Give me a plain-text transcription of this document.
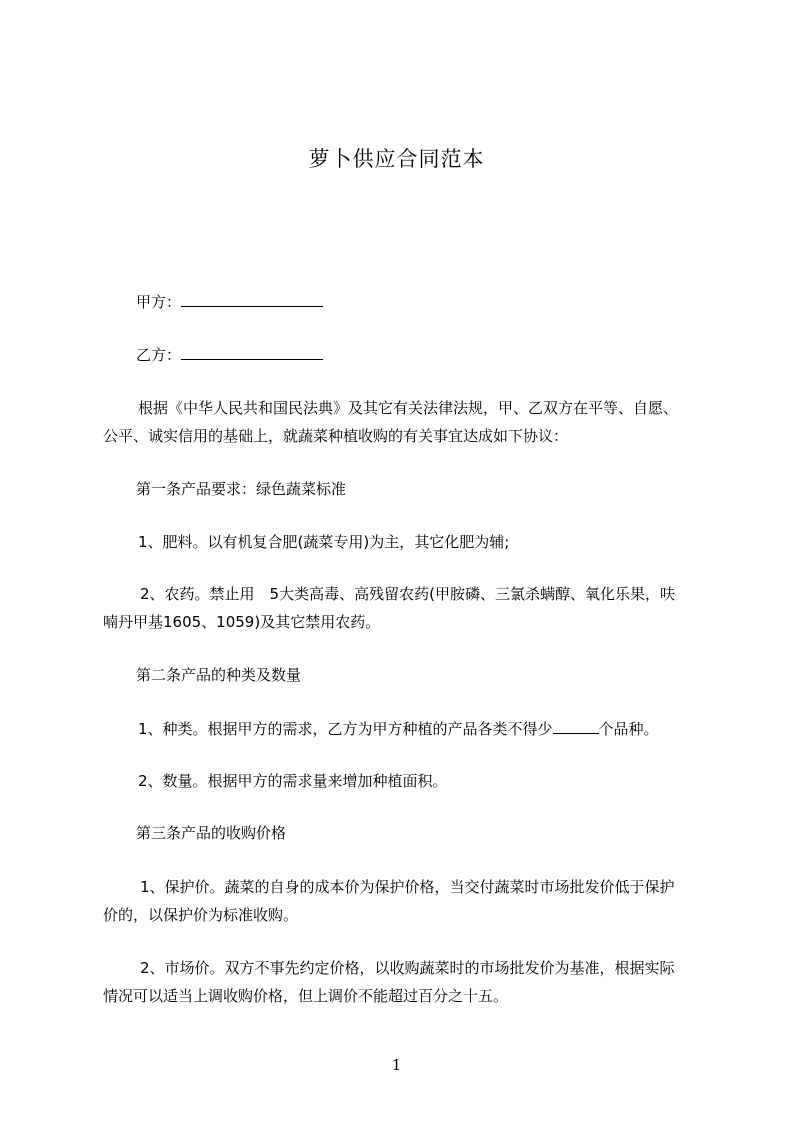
萝卜供应合同范本
甲方：
乙方：
根据《中华人民共和国民法典》及其它有关法律法规，甲、乙双方在平等、自愿、
公平、诚实信用的基础上，就蔬菜种植收购的有关事宜达成如下协议：
第一条产品要求：绿色蔬菜标准
1、肥料。以有机复合肥(蔬菜专用)为主，其它化肥为辅;
2、农药。禁止用　5大类高毒、高残留农药(甲胺磷、三氯杀螨醇、氧化乐果，呋
喃丹甲基1605、1059)及其它禁用农药。
第二条产品的种类及数量
1、种类。根据甲方的需求，乙方为甲方种植的产品各类不得少	个品种。
2、数量。根据甲方的需求量来增加种植面积。
第三条产品的收购价格
1、保护价。蔬菜的自身的成本价为保护价格，当交付蔬菜时市场批发价低于保护
价的，以保护价为标准收购。
2、市场价。双方不事先约定价格，以收购蔬菜时的市场批发价为基准，根据实际
情况可以适当上调收购价格，但上调价不能超过百分之十五。
1
